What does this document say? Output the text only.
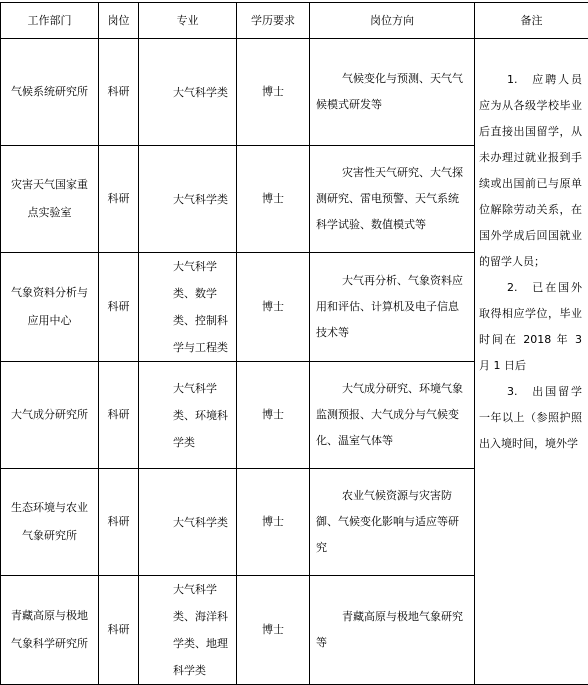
工作部门	岗位	专业	学历要求	岗位方向	备注
气候系统研究所	科研	大气科学类	博士	气候变化与预测、天气气候模式研发等	1.　应聘人员应为从各级学校毕业后直接出国留学，从未办理过就业报到手续或出国前已与原单位解除劳动关系，在国外学成后回国就业的留学人员；

2.　已在国外取得相应学位，毕业时间在 2018 年 3 月 1 日后

3.　出国留学一年以上（参照护照出入境时间，境外学

灾害天气国家重点实验室	科研	大气科学类	博士	灾害性天气研究、大气探测研究、雷电预警、天气系统科学试验、数值模式等	
气象资料分析与应用中心	科研	大气科学类、数学类、控制科学与工程类	博士	大气再分析、气象资料应用和评估、计算机及电子信息技术等	
大气成分研究所	科研	大气科学类、环境科学类	博士	大气成分研究、环境气象监测预报、大气成分与气候变化、温室气体等	
生态环境与农业气象研究所	科研	大气科学类	博士	农业气候资源与灾害防御、气候变化影响与适应等研究	
青藏高原与极地气象科学研究所	科研	大气科学类、海洋科学类、地理科学类	博士	青藏高原与极地气象研究等	
